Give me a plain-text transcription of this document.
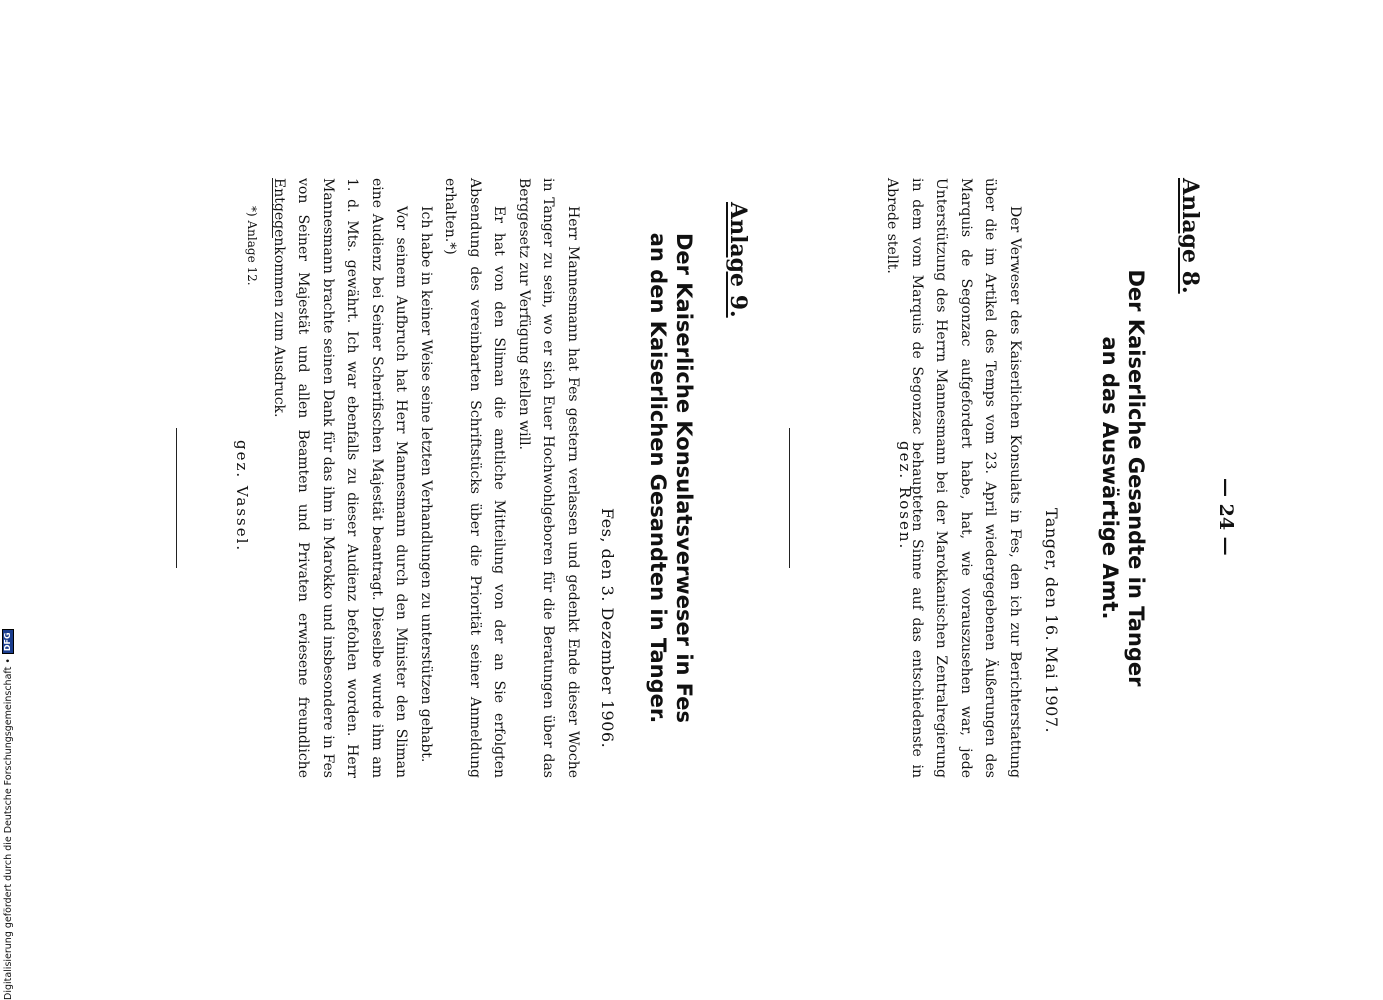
— 24 —
Anlage 8.
Der Kaiserliche Gesandte in Tanger
an das Auswärtige Amt.
Tanger, den 16. Mai 1907.

Der Verweser des Kaiserlichen Konsulats in Fes, den ich zur Berichterstattung über die im Artikel des Temps vom 23. April wiedergegebenen Äußerungen des Marquis de Segonzac aufgefordert habe, hat, wie vorauszusehen war, jede Unterstützung des Herrn Mannesmann bei der Marokkanischen Zentralregierung in dem vom Marquis de Segonzac behaupteten Sinne auf das entschiedenste in Abrede stellt.

gez. Rosen.
Anlage 9.
Der Kaiserliche Konsulatsverweser in Fes
an den Kaiserlichen Gesandten in Tanger.
Fes, den 3. Dezember 1906.

Herr Mannesmann hat Fes gestern verlassen und gedenkt Ende dieser Woche in Tanger zu sein, wo er sich Euer Hochwohlgeboren für die Beratungen über das Berggesetz zur Verfügung stellen will.

Er hat von den Sliman die amtliche Mitteilung von der an Sie erfolgten Absendung des vereinbarten Schriftstücks über die Priorität seiner Anmeldung erhalten.*)

Ich habe in keiner Weise seine letzten Verhandlungen zu unterstützen gehabt.

Vor seinem Aufbruch hat Herr Mannesmann durch den Minister den Sliman eine Audienz bei Seiner Scherifischen Majestät beantragt. Dieselbe wurde ihm am 1. d. Mts. gewährt. Ich war ebenfalls zu dieser Audienz befohlen worden. Herr Mannesmann brachte seinen Dank für das ihm in Marokko und insbesondere in Fes von Seiner Majestät und allen Beamten und Privaten erwiesene freundliche Entgegenkommen zum Ausdruck.

gez. Vassel.
*) Anlage 12.
Digitalisierung gefördert durch die Deutsche Forschungsgemeinschaft •
DFG
